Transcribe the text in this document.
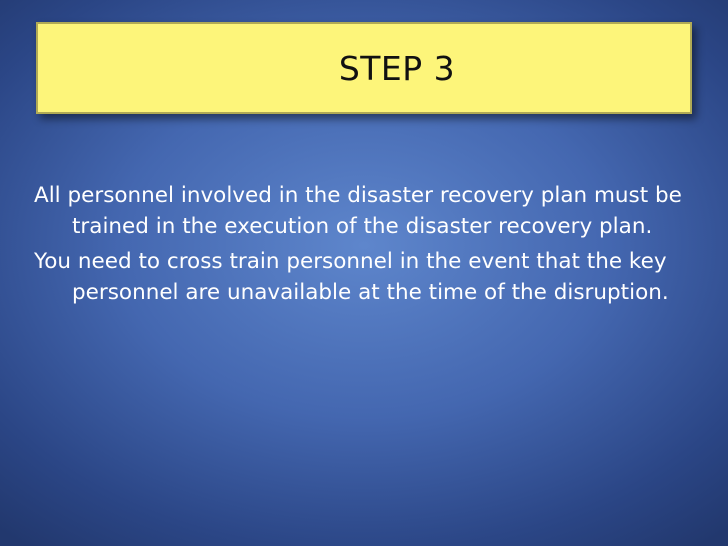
STEP 3

All personnel involved in the disaster recovery plan must be trained in the execution of the disaster recovery plan.

You need to cross train personnel in the event that the key personnel are unavailable at the time of the disruption.
